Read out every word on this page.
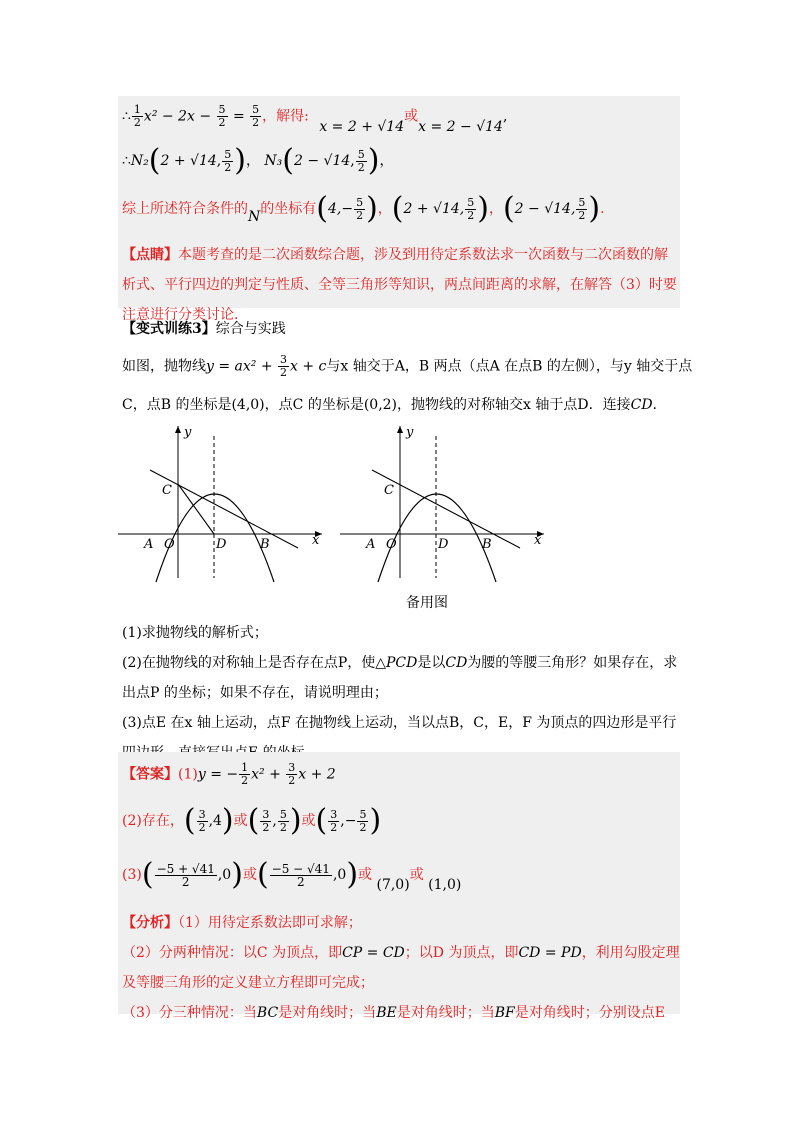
∴ $\frac{1}{2} x^2 - 2x - \frac{5}{2} = \frac{5}{2}$ ，解得: x = 2 + √14或x = 2 − √14,
∴N₂(2 + √14, $\frac{5}{2}$ )， N₃(2 − √14, $\frac{5}{2}$ )，
综上所述符合条件的N的坐标有($4,- \frac{5}{2}$ )，(2 + √14, $\frac{5}{2}$ )，(2 − √14, $\frac{5}{2}$ ).
【点睛】本题考查的是二次函数综合题，涉及到用待定系数法求一次函数与二次函数的解
析式、平行四边的判定与性质、全等三角形等知识，两点间距离的求解，在解答（3）时要
注意进行分类讨论.
【变式训练3】综合与实践
如图，抛物线$y = ax^2 + \frac{3}{2}$ x + c与x 轴交于A，B 两点（点A 在点B 的左侧），与y 轴交于点
C，点B 的坐标是(4,0)，点C 的坐标是(0,2)，抛物线的对称轴交x 轴于点D．连接CD.
y
x
C
A O	D	B
y
x
C
A O	D	B
备用图
(1)求抛物线的解析式；
(2)在抛物线的对称轴上是否存在点P，使△PCD是以CD为腰的等腰三角形？如果存在，求
出点P 的坐标；如果不存在，请说明理由；
(3)点E 在x 轴上运动，点F 在抛物线上运动，当以点B，C，E，F 为顶点的四边形是平行

【答案】(1)y = − $\frac{1}{2} x^2 + \frac{3}{2}$ x + 2
(2)存在，( $\frac{3}{2} ,4$)或( $\frac{3}{2}$ , $\frac{5}{2}$ )或( $\frac{3}{2}$ ,− $\frac{5}{2}$ )
$(3)( \frac{-5 + √41}{2} ,0)$或( $\frac{-5 - √41}{2} ,0$)或 (7,0)或 (1,0)
【分析】（1）用待定系数法即可求解；
（2）分两种情况：以C 为顶点，即CP = CD；以D 为顶点，即CD = PD，利用勾股定理
及等腰三角形的定义建立方程即可完成；
（3）分三种情况：当BC是对角线时；当BE是对角线时；当BF是对角线时；分别设点E
